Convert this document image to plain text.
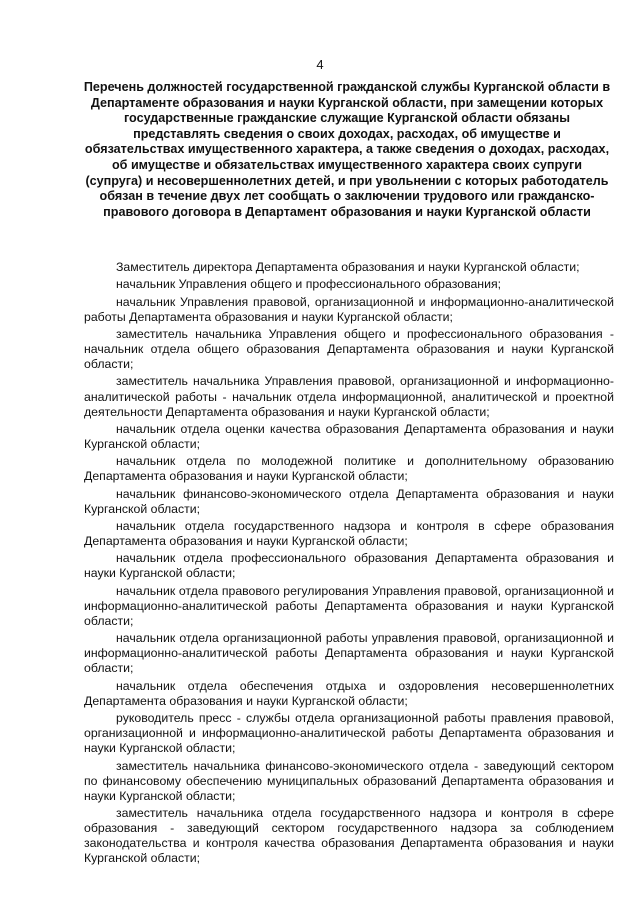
4

Перечень должностей государственной гражданской службы Курганской области в Департаменте образования и науки Курганской области, при замещении которых государственные гражданские служащие Курганской области обязаны представлять сведения о своих доходах, расходах, об имуществе и обязательствах имущественного характера, а также сведения о доходах, расходах, об имуществе и обязательствах имущественного характера своих супруги (супруга) и несовершеннолетних детей, и при увольнении с которых работодатель обязан в течение двух лет сообщать о заключении трудового или гражданско-правового договора в Департамент образования и науки Курганской области

Заместитель директора Департамента образования и науки Курганской области;
начальник Управления общего и профессионального образования;
начальник Управления правовой, организационной и информационно-аналитической работы Департамента образования и науки Курганской области;
заместитель начальника Управления общего и профессионального образования - начальник отдела общего образования Департамента образования и науки Курганской области;
заместитель начальника Управления правовой, организационной и информационно-аналитической работы - начальник отдела информационной, аналитической и проектной деятельности Департамента образования и науки Курганской области;
начальник отдела оценки качества образования Департамента образования и науки Курганской области;
начальник отдела по молодежной политике и дополнительному образованию Департамента образования и науки Курганской области;
начальник финансово-экономического отдела Департамента образования и науки Курганской области;
начальник отдела государственного надзора и контроля в сфере образования Департамента образования и науки Курганской области;
начальник отдела профессионального образования Департамента образования и науки Курганской области;
начальник отдела правового регулирования Управления правовой, организационной и информационно-аналитической работы Департамента образования и науки Курганской области;
начальник отдела организационной работы управления правовой, организационной и информационно-аналитической работы Департамента образования и науки Курганской области;
начальник отдела обеспечения отдыха и оздоровления несовершеннолетних Департамента образования и науки Курганской области;
руководитель пресс - службы отдела организационной работы правления правовой, организационной и информационно-аналитической работы Департамента образования и науки Курганской области;
заместитель начальника финансово-экономического отдела - заведующий сектором по финансовому обеспечению муниципальных образований Департамента образования и науки Курганской области;
заместитель начальника отдела государственного надзора и контроля в сфере образования - заведующий сектором государственного надзора за соблюдением законодательства и контроля качества образования Департамента образования и науки Курганской области;
